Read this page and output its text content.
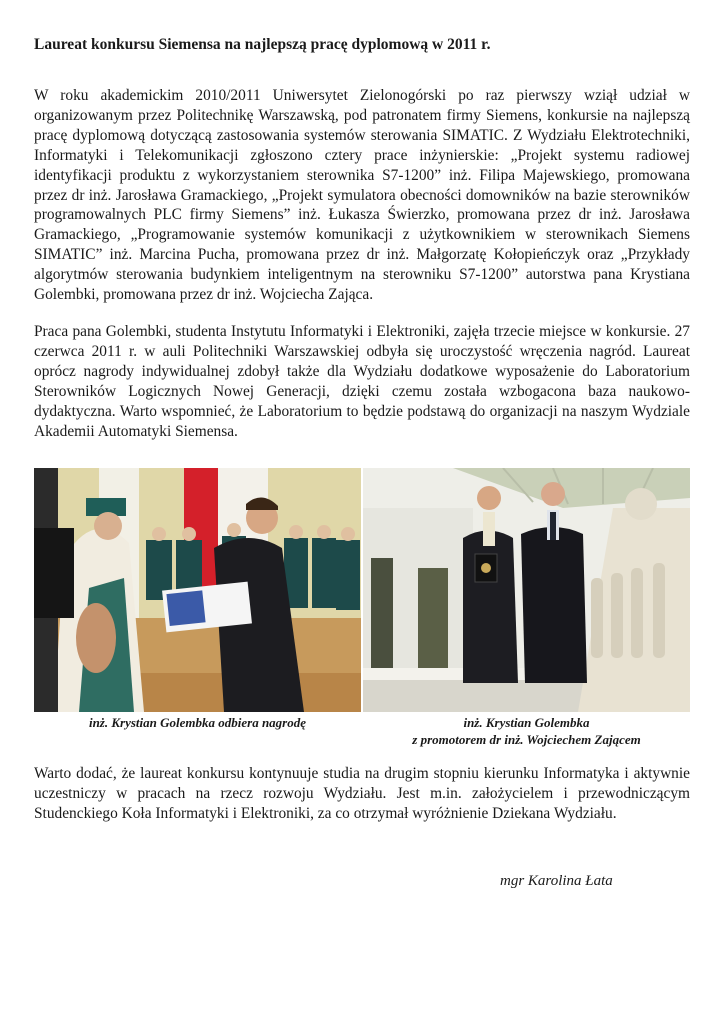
Laureat konkursu Siemensa na najlepszą pracę dyplomową w 2011 r.

W roku akademickim 2010/2011 Uniwersytet Zielonogórski po raz pierwszy wziął udział w organizowanym przez Politechnikę Warszawską, pod patronatem firmy Siemens, konkursie na najlepszą pracę dyplomową dotyczącą zastosowania systemów sterowania SIMATIC. Z Wydziału Elektrotechniki, Informatyki i Telekomunikacji zgłoszono cztery prace inżynierskie: „Projekt systemu radiowej identyfikacji produktu z wykorzystaniem sterownika S7-1200” inż. Filipa Majewskiego, promowana przez dr inż. Jarosława Gramackiego, „Projekt symulatora obecności domowników na bazie sterowników programowalnych PLC firmy Siemens” inż. Łukasza Świerzko, promowana przez dr inż. Jarosława Gramackiego, „Programowanie systemów komunikacji z użytkownikiem w sterownikach Siemens SIMATIC” inż. Marcina Pucha, promowana przez dr inż. Małgorzatę Kołopieńczyk oraz „Przykłady algorytmów sterowania budynkiem inteligentnym na sterowniku S7-1200” autorstwa pana Krystiana Golembki, promowana przez dr inż. Wojciecha Zająca.

Praca pana Golembki, studenta Instytutu Informatyki i Elektroniki, zajęła trzecie miejsce w konkursie. 27 czerwca 2011 r. w auli Politechniki Warszawskiej odbyła się uroczystość wręczenia nagród. Laureat oprócz nagrody indywidualnej zdobył także dla Wydziału dodatkowe wyposażenie do Laboratorium Sterowników Logicznych Nowej Generacji, dzięki czemu została wzbogacona baza naukowo-dydaktyczna. Warto wspomnieć, że Laboratorium to będzie podstawą do organizacji na naszym Wydziale Akademii Automatyki Siemensa.

inż. Krystian Golembka odbiera nagrodę	inż. Krystian Golembka
z promotorem dr inż. Wojciechem Zającem

Warto dodać, że laureat konkursu kontynuuje studia na drugim stopniu kierunku Informatyka i aktywnie uczestniczy w pracach na rzecz rozwoju Wydziału. Jest m.in. założycielem i przewodniczącym Studenckiego Koła Informatyki i Elektroniki, za co otrzymał wyróżnienie Dziekana Wydziału.

mgr Karolina Łata
